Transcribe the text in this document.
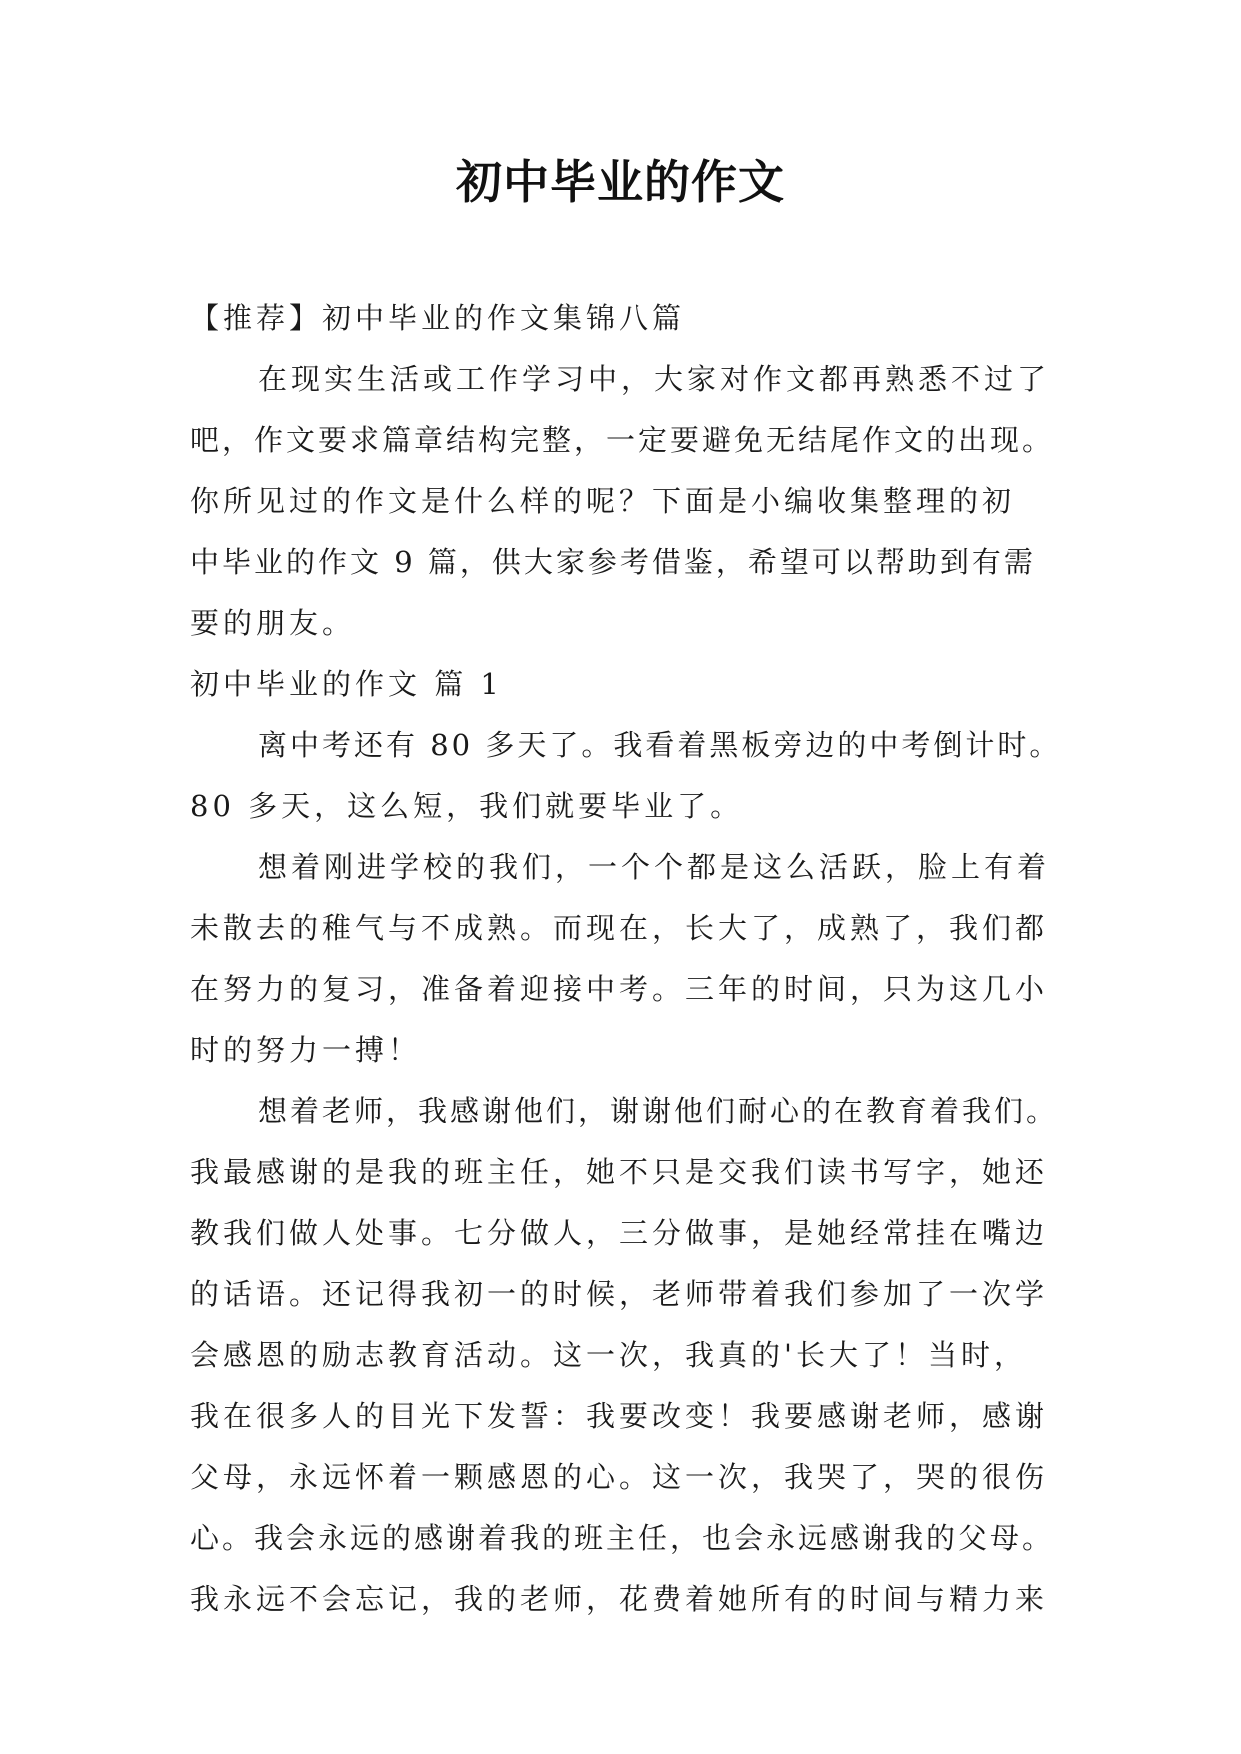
初中毕业的作文
【推荐】初中毕业的作文集锦八篇
在现实生活或工作学习中，大家对作文都再熟悉不过了
吧，作文要求篇章结构完整，一定要避免无结尾作文的出现。
你所见过的作文是什么样的呢？下面是小编收集整理的初
中毕业的作文 9 篇，供大家参考借鉴，希望可以帮助到有需
要的朋友。
初中毕业的作文 篇 1
离中考还有 80 多天了。我看着黑板旁边的中考倒计时。
80 多天，这么短，我们就要毕业了。
想着刚进学校的我们，一个个都是这么活跃，脸上有着
未散去的稚气与不成熟。而现在，长大了，成熟了，我们都
在努力的复习，准备着迎接中考。三年的时间，只为这几小
时的努力一搏！
想着老师，我感谢他们，谢谢他们耐心的在教育着我们。
我最感谢的是我的班主任，她不只是交我们读书写字，她还
教我们做人处事。七分做人，三分做事，是她经常挂在嘴边
的话语。还记得我初一的时候，老师带着我们参加了一次学
会感恩的励志教育活动。这一次，我真的'长大了！当时，
我在很多人的目光下发誓：我要改变！我要感谢老师，感谢
父母，永远怀着一颗感恩的心。这一次，我哭了，哭的很伤
心。我会永远的感谢着我的班主任，也会永远感谢我的父母。
我永远不会忘记，我的老师，花费着她所有的时间与精力来
